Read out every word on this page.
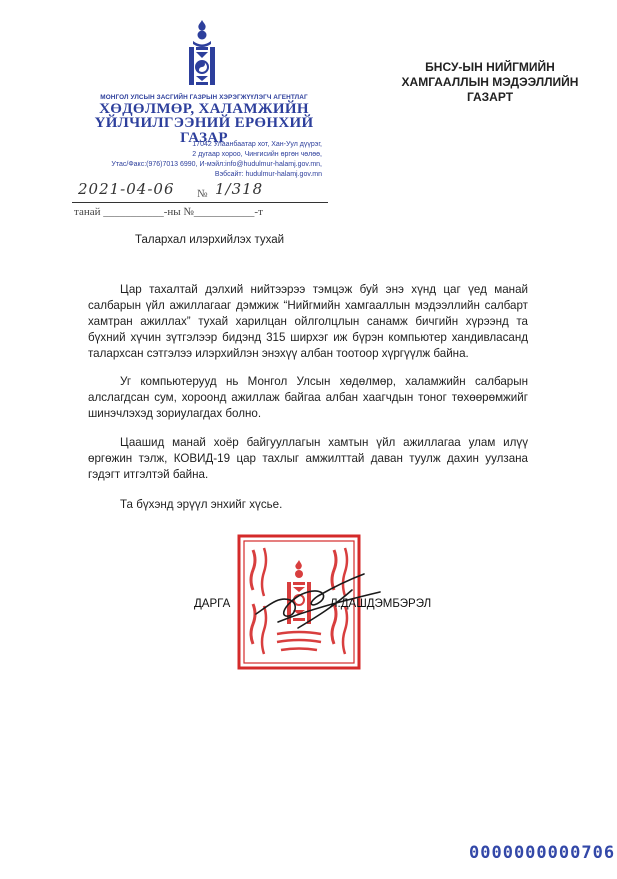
МОНГОЛ УЛСЫН ЗАСГИЙН ГАЗРЫН ХЭРЭГЖҮҮЛЭГЧ АГЕНТЛАГ
ХӨДӨЛМӨР, ХАЛАМЖИЙН
ҮЙЛЧИЛГЭЭНИЙ ЕРӨНХИЙ ГАЗАР
17042 Улаанбаатар хот, Хан-Уул дүүрэг,
2 дугаар хороо, Чингисийн өргөн чөлөө,
Утас/Факс:(976)7013 6990, И-мэйл:info@hudulmur-halamj.gov.mn,
Вэбсайт: hudulmur-halamj.gov.mn
БНСУ-ЫН НИЙГМИЙН
ХАМГААЛЛЫН МЭДЭЭЛЛИЙН
ГАЗАРТ
2021-04-06 № 1/318
танай ___________-ны №___________-т
Талархал илэрхийлэх тухай
Цар тахалтай дэлхий нийтээрээ тэмцэж буй энэ хүнд цаг үед манай салбарын үйл ажиллагааг дэмжиж “Нийгмийн хамгааллын мэдээллийн салбарт хамтран ажиллах” тухай харилцан ойлголцлын санамж бичгийн хүрээнд та бүхний хүчин зүтгэлээр бидэнд 315 ширхэг иж бүрэн компьютер хандивласанд талархсан сэтгэлээ илэрхийлэн энэхүү албан тоотоор хүргүүлж байна.
Уг компьютерууд нь Монгол Улсын хөдөлмөр, халамжийн салбарын алслагдсан сум, хороонд ажиллаж байгаа албан хаагчдын тоног төхөөрөмжийг шинэчлэхэд зориулагдах болно.
Цаашид манай хоёр байгууллагын хамтын үйл ажиллагаа улам илүү өргөжин тэлж, КОВИД-19 цар тахлыг амжилттай даван туулж дахин уулзана гэдэгт итгэлтэй байна.
Та бүхэнд эрүүл энхийг хүсье.
ДАРГА	Л.ДАШДЭМБЭРЭЛ
0000000000706
